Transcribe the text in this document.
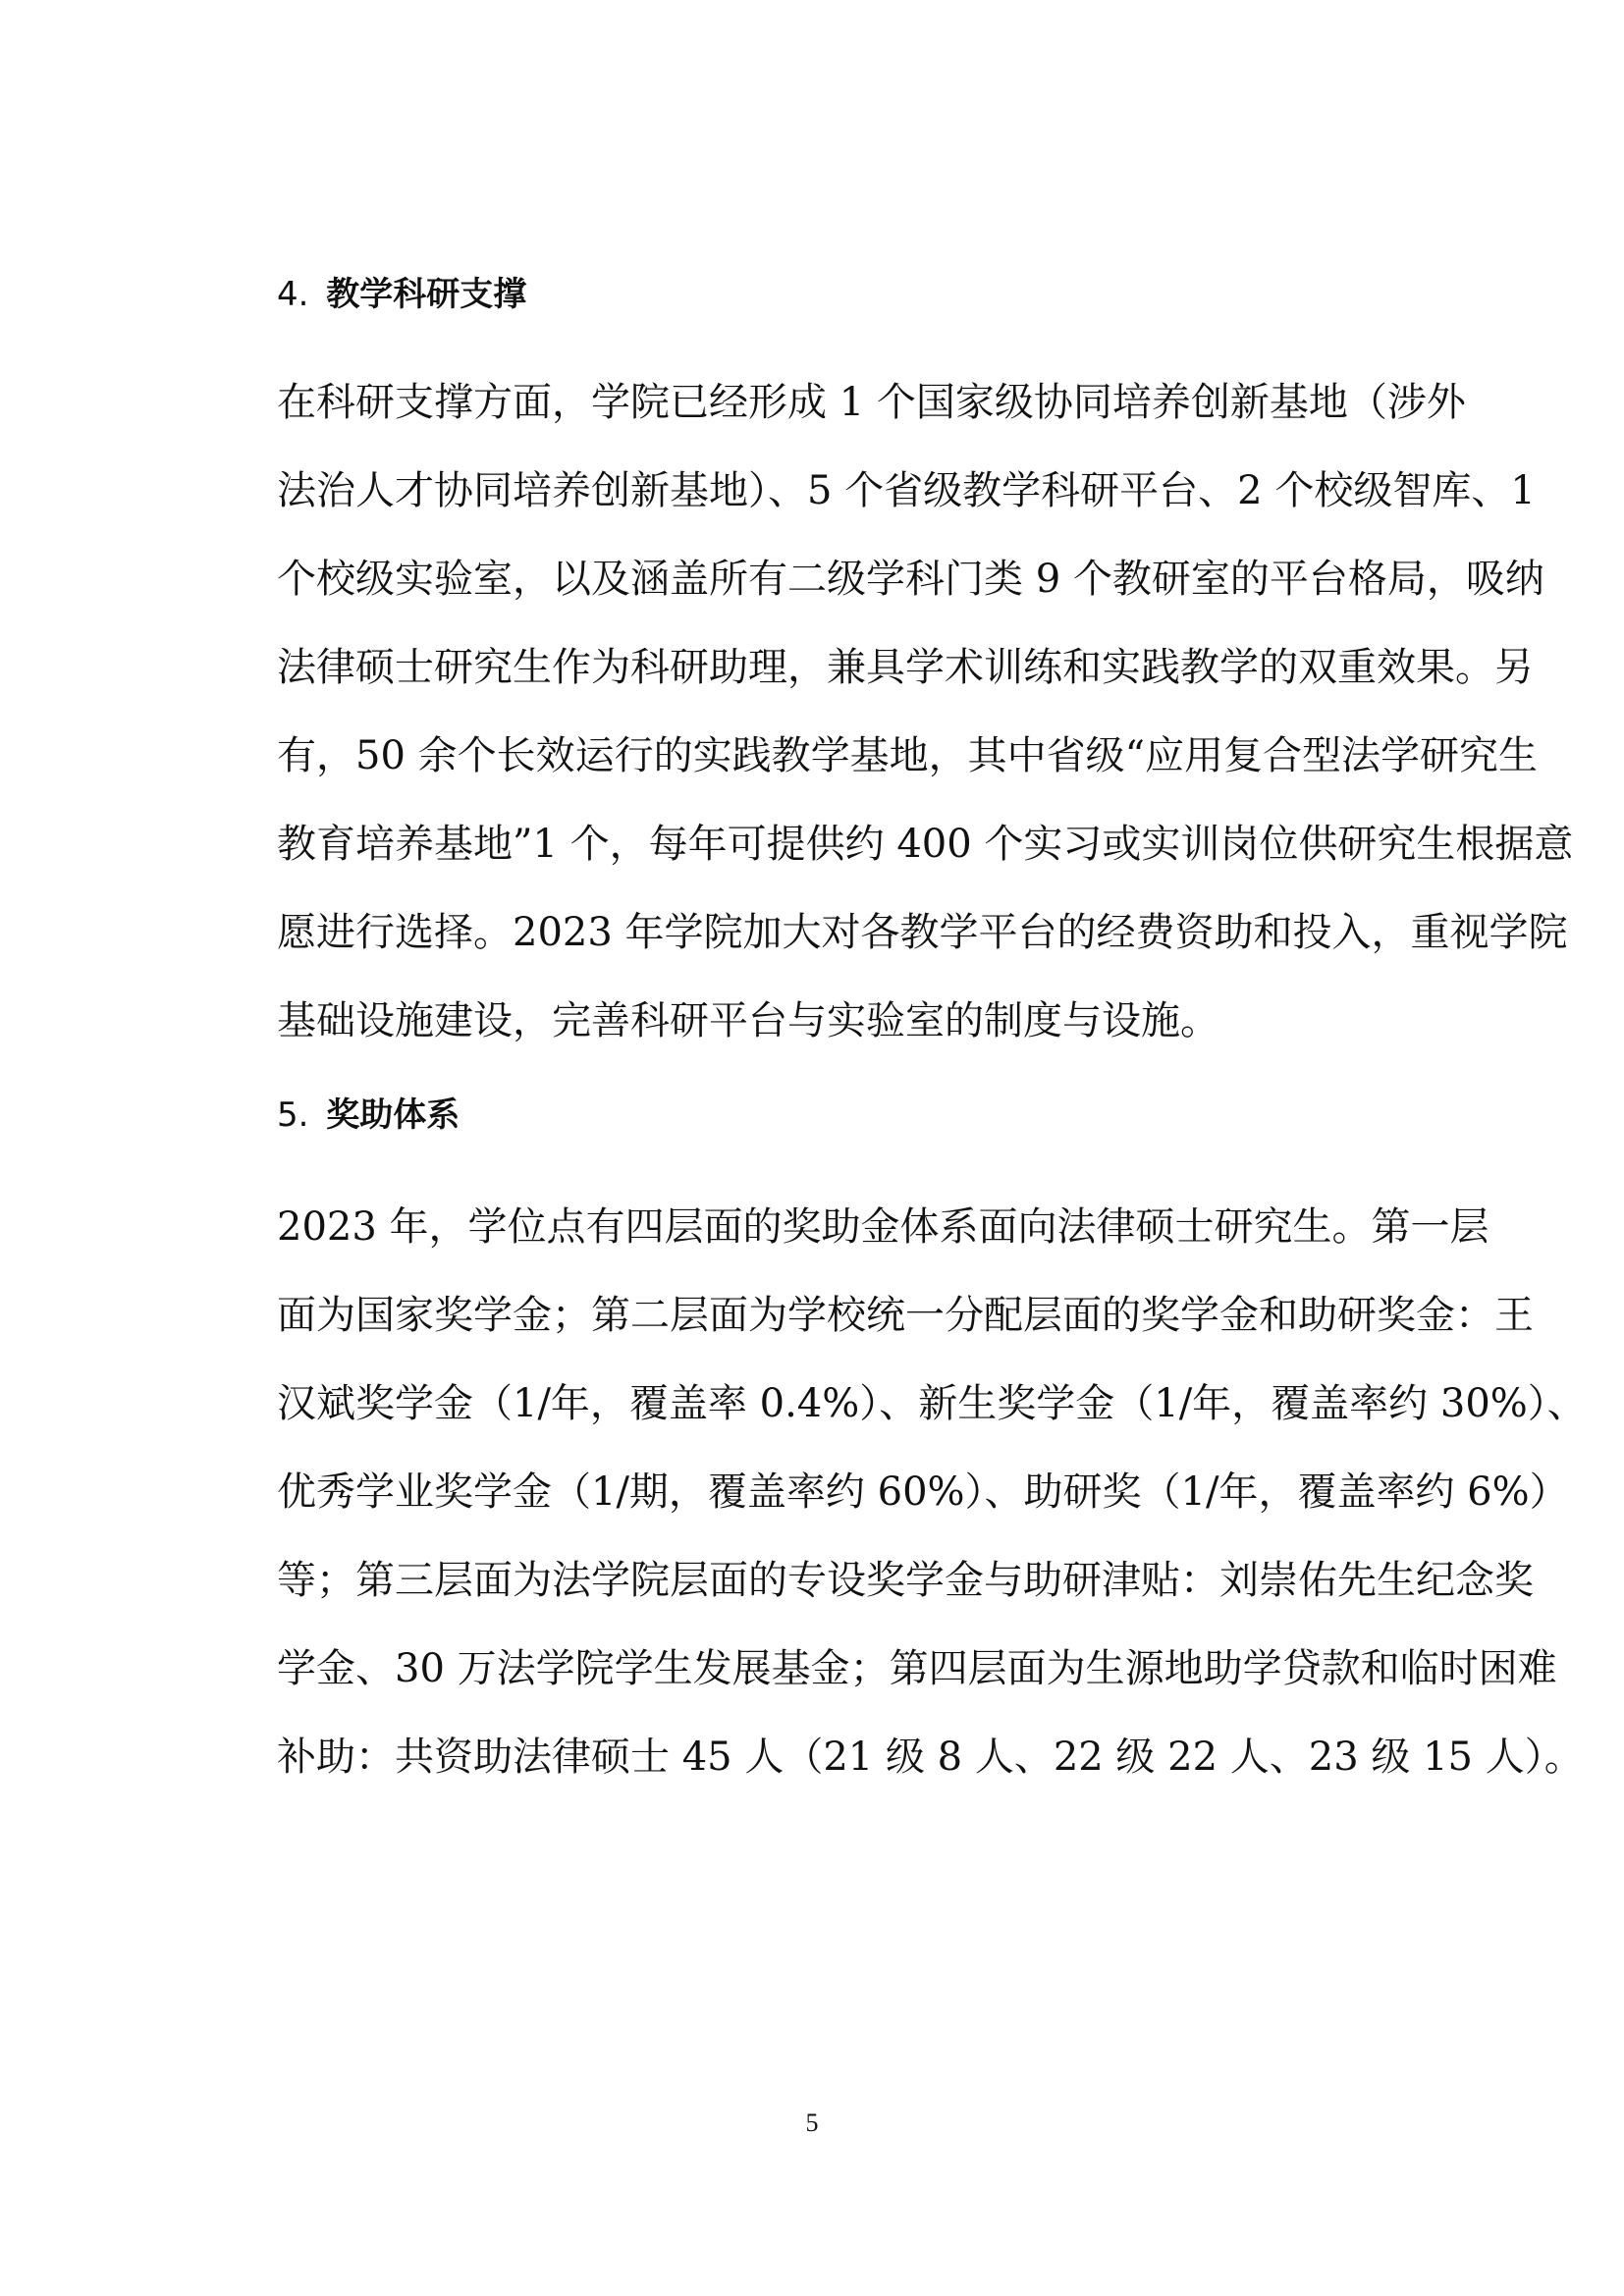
4. 教学科研支撑
在科研支撑方面，学院已经形成 1 个国家级协同培养创新基地（涉外
法治人才协同培养创新基地）、5 个省级教学科研平台、2 个校级智库、1
个校级实验室，以及涵盖所有二级学科门类 9 个教研室的平台格局，吸纳
法律硕士研究生作为科研助理，兼具学术训练和实践教学的双重效果。另
有，50 余个长效运行的实践教学基地，其中省级“应用复合型法学研究生
教育培养基地”1 个，每年可提供约 400 个实习或实训岗位供研究生根据意
愿进行选择。2023 年学院加大对各教学平台的经费资助和投入，重视学院
基础设施建设，完善科研平台与实验室的制度与设施。
5. 奖助体系
2023 年，学位点有四层面的奖助金体系面向法律硕士研究生。第一层
面为国家奖学金；第二层面为学校统一分配层面的奖学金和助研奖金：王
汉斌奖学金（1/年，覆盖率 0.4%）、新生奖学金（1/年，覆盖率约 30%）、
优秀学业奖学金（1/期，覆盖率约 60%）、助研奖（1/年，覆盖率约 6%）
等；第三层面为法学院层面的专设奖学金与助研津贴：刘崇佑先生纪念奖
学金、30 万法学院学生发展基金；第四层面为生源地助学贷款和临时困难
补助：共资助法律硕士 45 人（21 级 8 人、22 级 22 人、23 级 15 人）。
5
